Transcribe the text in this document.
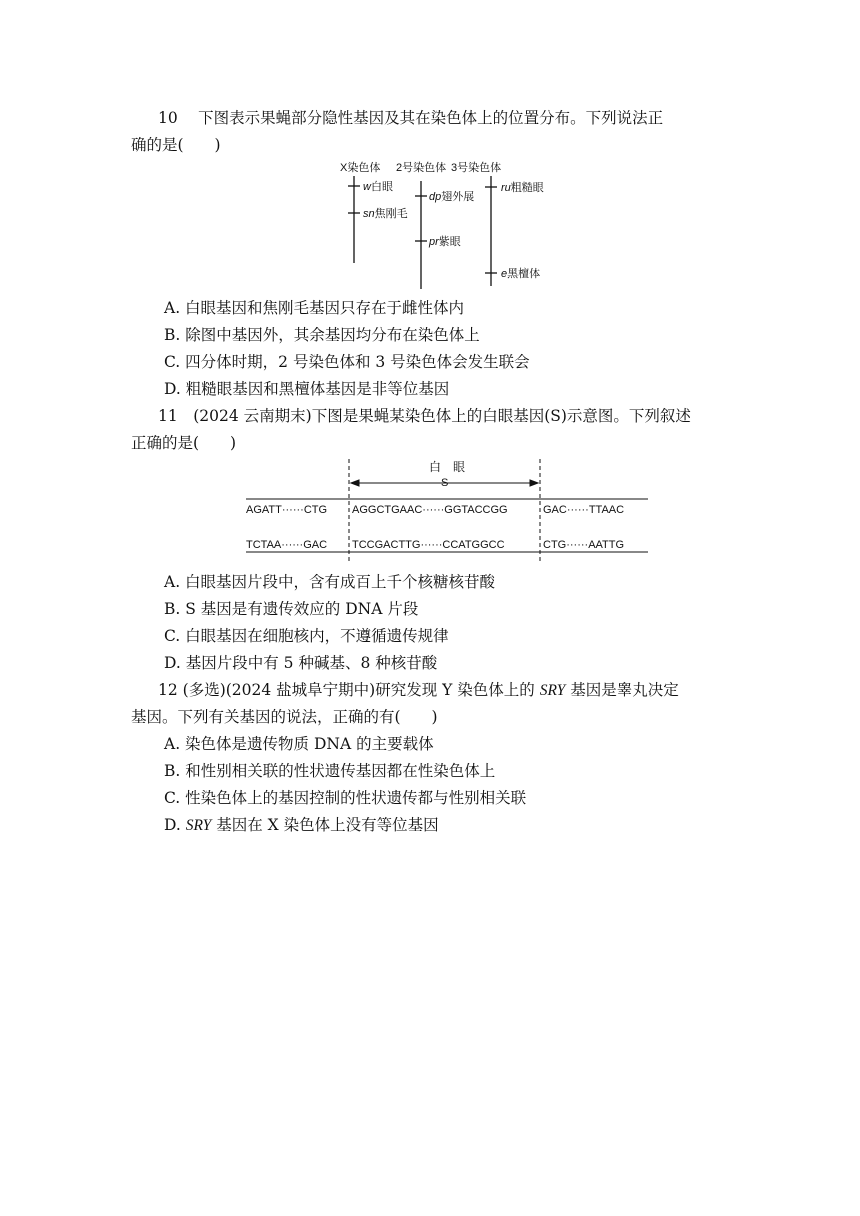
10　 下图表示果蝇部分隐性基因及其在染色体上的位置分布。下列说法正
确的是(　　)
X染色体 2号染色体 3号染色体
w白眼
sn焦刚毛
dp翅外展
pr紫眼
ru粗糙眼
e黑檀体
A. 白眼基因和焦刚毛基因只存在于雌性体内
B. 除图中基因外，其余基因均分布在染色体上
C. 四分体时期，2 号染色体和 3 号染色体会发生联会
D. 粗糙眼基因和黑檀体基因是非等位基因
11　(2024 云南期末)下图是果蝇某染色体上的白眼基因(S)示意图。下列叙述
正确的是(　　)
白　眼
S
AGATT······CTG AGGCTGAAC······GGTACCGG	GAC······TTAAC
TCTAA······GAC TCCGACTTG······CCATGGCC	CTG······AATTG
A. 白眼基因片段中，含有成百上千个核糖核苷酸
B. S 基因是有遗传效应的 DNA 片段
C. 白眼基因在细胞核内，不遵循遗传规律
D. 基因片段中有 5 种碱基、8 种核苷酸
12 (多选)(2024 盐城阜宁期中)研究发现 Y 染色体上的 SRY 基因是睾丸决定
基因。下列有关基因的说法，正确的有(　　)
A. 染色体是遗传物质 DNA 的主要载体
B. 和性别相关联的性状遗传基因都在性染色体上
C. 性染色体上的基因控制的性状遗传都与性别相关联
D. SRY 基因在 X 染色体上没有等位基因
